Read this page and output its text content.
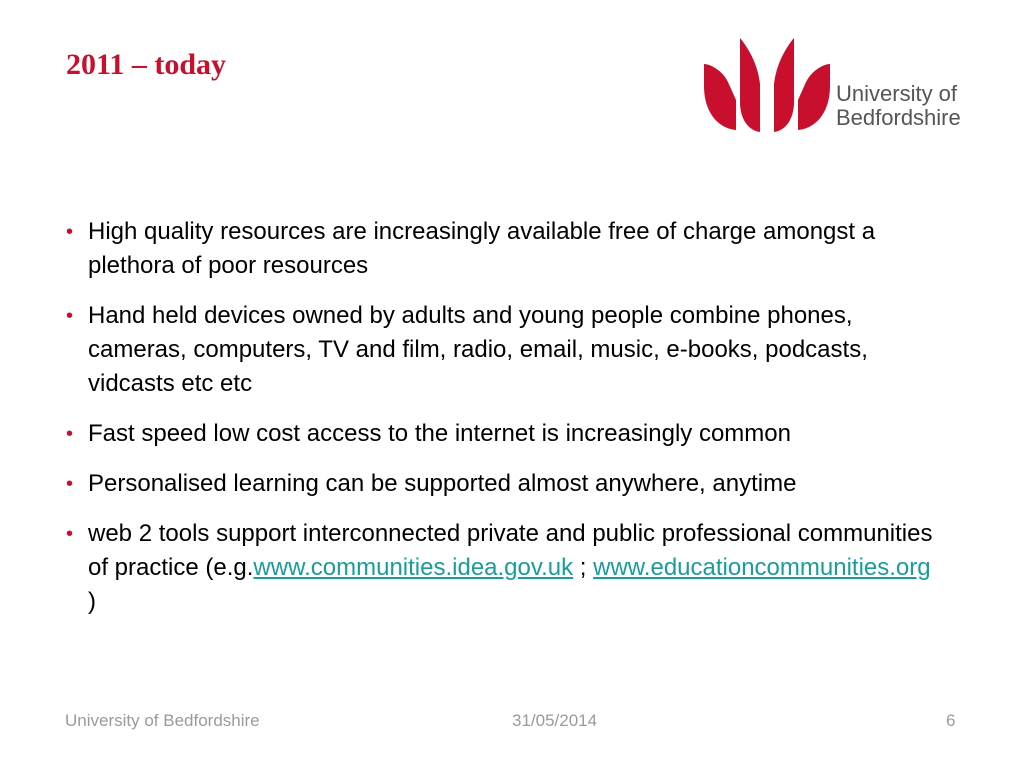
2011 – today
University of
Bedfordshire
• High quality resources are increasingly available free of charge amongst a plethora of poor resources
• Hand held devices owned by adults and young people combine phones, cameras, computers, TV and film, radio, email, music, e-books, podcasts, vidcasts etc etc
• Fast speed low cost access to the internet is increasingly common
• Personalised learning can be supported almost anywhere, anytime
• web 2 tools support interconnected private and public professional communities of practice (e.g.www.communities.idea.gov.uk ; www.educationcommunities.org )
University of Bedfordshire	31/05/2014	6
